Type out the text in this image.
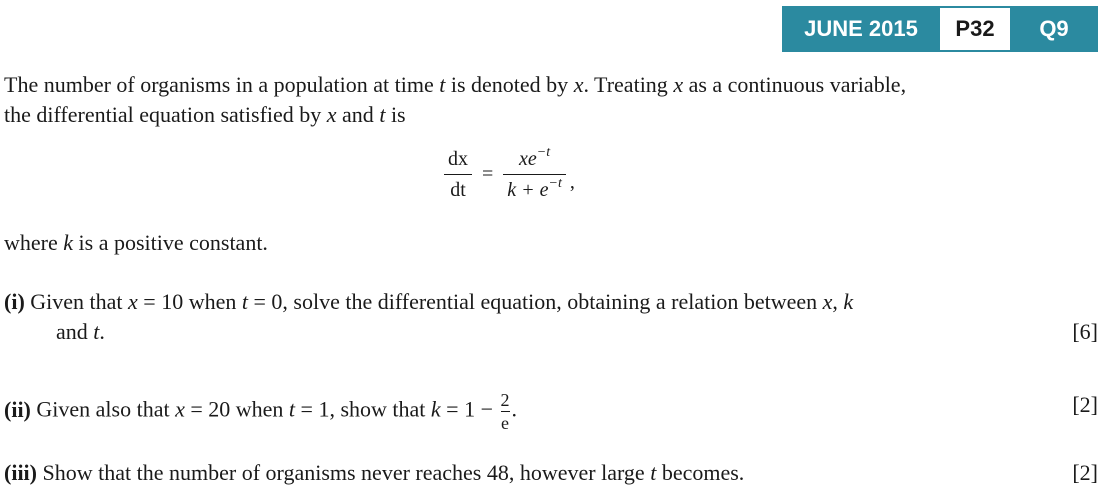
JUNE 2015	P32	Q9
The number of organisms in a population at time t is denoted by x. Treating x as a continuous variable,
the differential equation satisfied by x and t is
$\frac{dx}{dt} = \frac{xe^{-t}}{k + e^{-t}}$ ,
where k is a positive constant.
(i) Given that x = 10 when t = 0, solve the differential equation, obtaining a relation between x, k
and t.	[6]
(ii) Given also that x = 20 when t = 1, show that $k = 1 - \frac{2}{e}$ .	[2]
(iii) Show that the number of organisms never reaches 48, however large t becomes.	[2]
